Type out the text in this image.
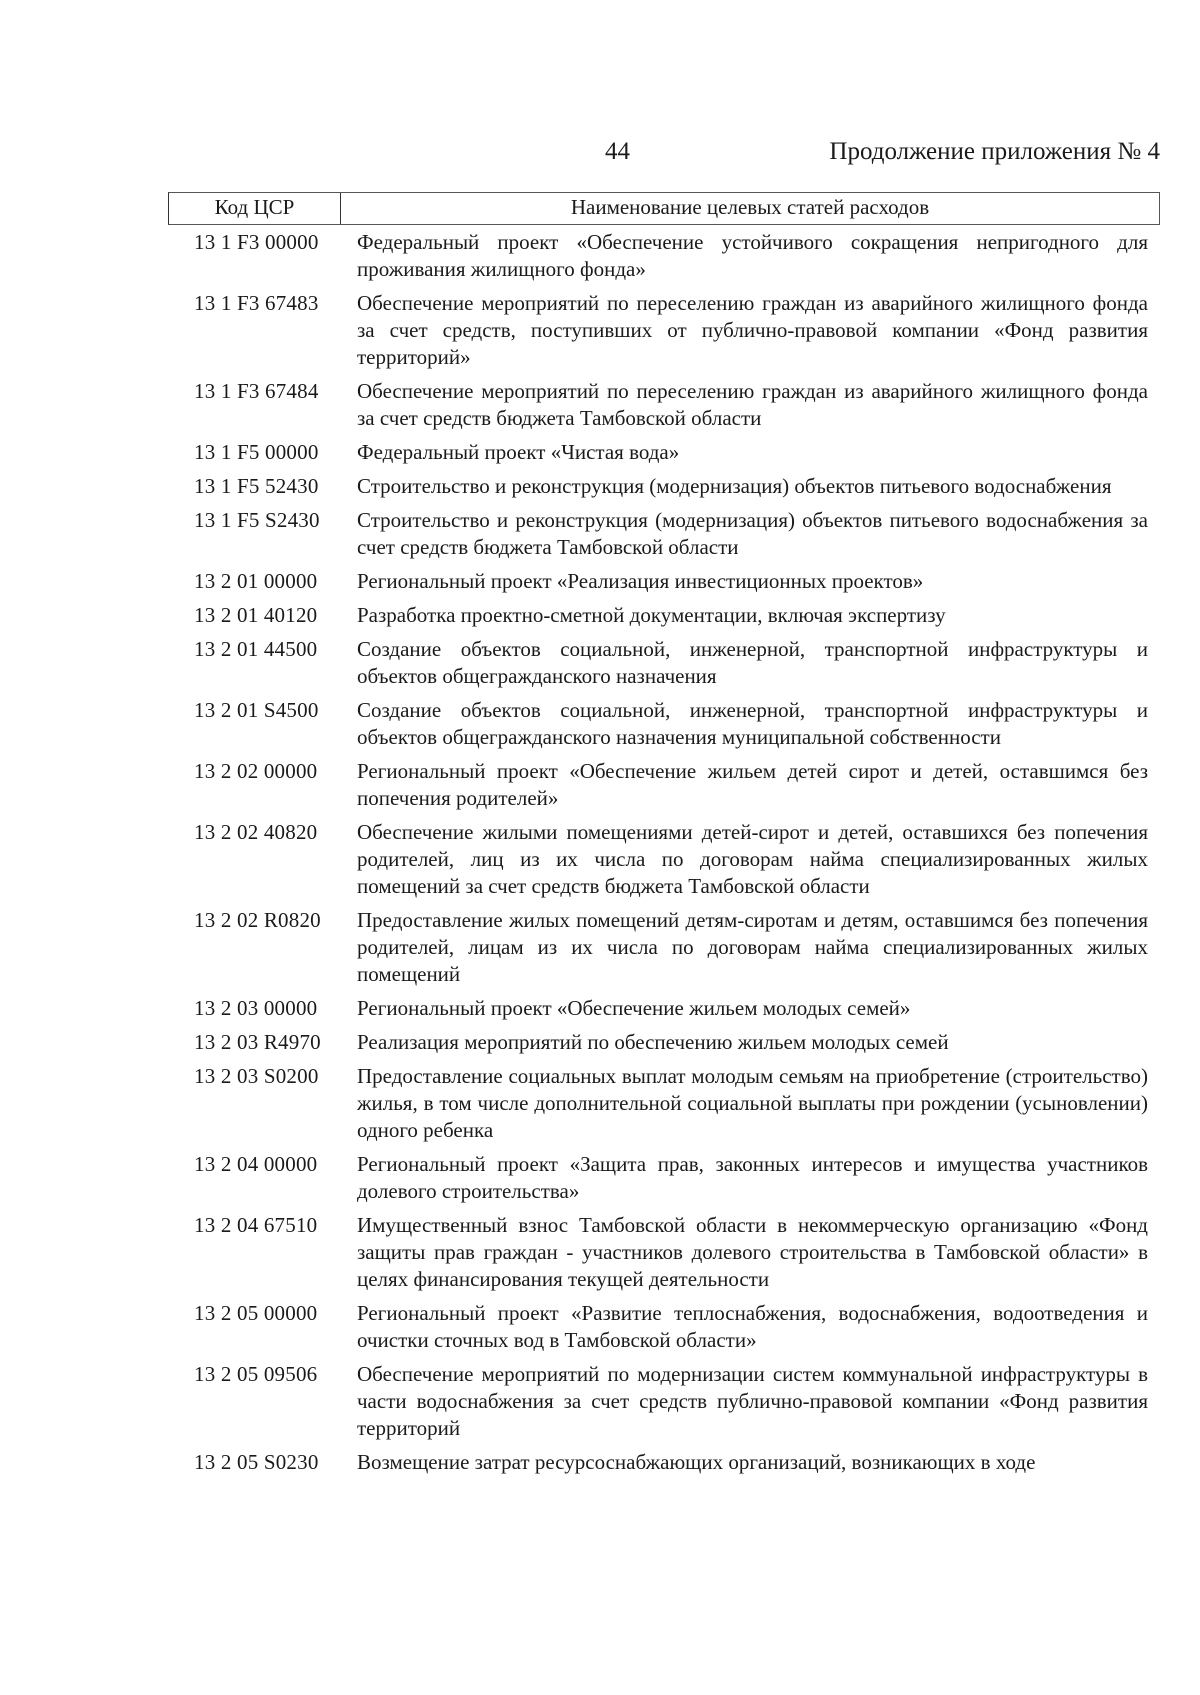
44	Продолжение приложения № 4
Код ЦСР	Наименование целевых статей расходов
13 1 F3 00000	Федеральный проект «Обеспечение устойчивого сокращения непригодного для проживания жилищного фонда»
13 1 F3 67483	Обеспечение мероприятий по переселению граждан из аварийного жилищного фонда за счет средств, поступивших от публично-правовой компании «Фонд развития территорий»
13 1 F3 67484	Обеспечение мероприятий по переселению граждан из аварийного жилищного фонда за счет средств бюджета Тамбовской области
13 1 F5 00000	Федеральный проект «Чистая вода»
13 1 F5 52430	Строительство и реконструкция (модернизация) объектов питьевого водоснабжения
13 1 F5 S2430	Строительство и реконструкция (модернизация) объектов питьевого водоснабжения за счет средств бюджета Тамбовской области
13 2 01 00000	Региональный проект «Реализация инвестиционных проектов»
13 2 01 40120	Разработка проектно-сметной документации, включая экспертизу
13 2 01 44500	Создание объектов социальной, инженерной, транспортной инфраструктуры и объектов общегражданского назначения
13 2 01 S4500	Создание объектов социальной, инженерной, транспортной инфраструктуры и объектов общегражданского назначения муниципальной собственности
13 2 02 00000	Региональный проект «Обеспечение жильем детей сирот и детей, оставшимся без попечения родителей»
13 2 02 40820	Обеспечение жилыми помещениями детей-сирот и детей, оставшихся без попечения родителей, лиц из их числа по договорам найма специализированных жилых помещений за счет средств бюджета Тамбовской области
13 2 02 R0820	Предоставление жилых помещений детям-сиротам и детям, оставшимся без попечения родителей, лицам из их числа по договорам найма специализированных жилых помещений
13 2 03 00000	Региональный проект «Обеспечение жильем молодых семей»
13 2 03 R4970	Реализация мероприятий по обеспечению жильем молодых семей
13 2 03 S0200	Предоставление социальных выплат молодым семьям на приобретение (строительство) жилья, в том числе дополнительной социальной выплаты при рождении (усыновлении) одного ребенка
13 2 04 00000	Региональный проект «Защита прав, законных интересов и имущества участников долевого строительства»
13 2 04 67510	Имущественный взнос Тамбовской области в некоммерческую организацию «Фонд защиты прав граждан - участников долевого строительства в Тамбовской области» в целях финансирования текущей деятельности
13 2 05 00000	Региональный проект «Развитие теплоснабжения, водоснабжения, водоотведения и очистки сточных вод в Тамбовской области»
13 2 05 09506	Обеспечение мероприятий по модернизации систем коммунальной инфраструктуры в части водоснабжения за счет средств публично-правовой компании «Фонд развития территорий
13 2 05 S0230	Возмещение затрат ресурсоснабжающих организаций, возникающих в ходе
